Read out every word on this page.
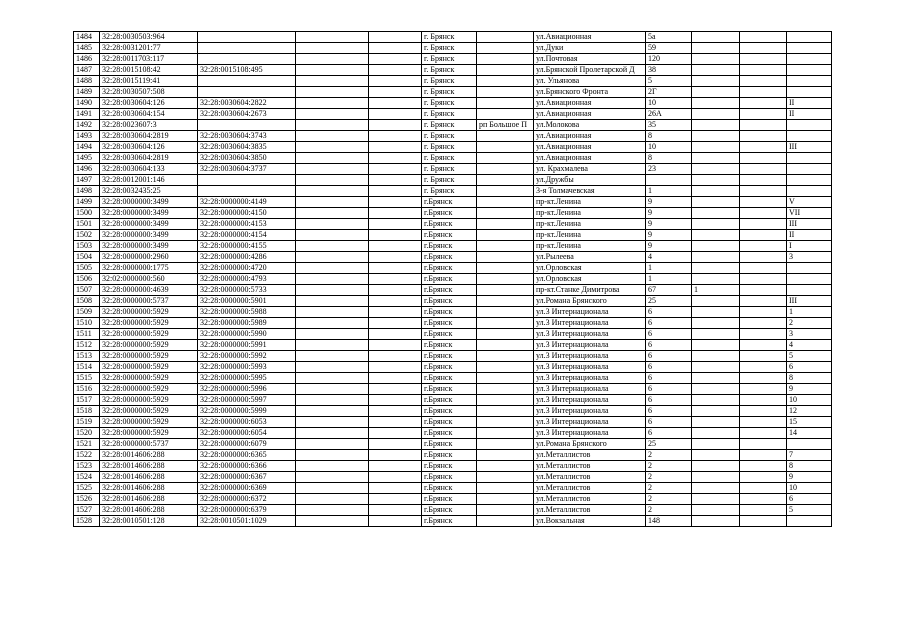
1484	32:28:0030503:964				г. Брянск		ул.Авиационная	5а			
1485	32:28:0031201:77				г. Брянск		ул.Дуки	59			
1486	32:28:0011703:117				г. Брянск		ул.Почтовая	120			
1487	32:28:0015108:42	32:28:0015108:495			г. Брянск		ул.Брянской Пролетарской Д	38			
1488	32:28:0015119:41				г. Брянск		ул. Ульянова	5			
1489	32:28:0030507:508				г. Брянск		ул.Брянского Фронта	2Г			
1490	32:28:0030604:126	32:28:0030604:2822			г. Брянск		ул.Авиационная	10			II
1491	32:28:0030604:154	32:28:0030604:2673			г. Брянск		ул.Авиационная	26А			II
1492	32:28:0023607:3				г. Брянск	рп Большое П	ул.Молокова	35			
1493	32:28:0030604:2819	32:28:0030604:3743			г. Брянск		ул.Авиационная	8			
1494	32:28:0030604:126	32:28:0030604:3835			г. Брянск		ул.Авиационная	10			III
1495	32:28:0030604:2819	32:28:0030604:3850			г. Брянск		ул.Авиационная	8			
1496	32:28:0030604:133	32:28:0030604:3737			г. Брянск		ул. Крахмалева	23			
1497	32:28:0012001:146				г. Брянск		ул.Дружбы				
1498	32:28:0032435:25				г. Брянск		3-я Толмачевская	1			
1499	32:28:0000000:3499	32:28:0000000:4149			г.Брянск		пр-кт.Ленина	9			V
1500	32:28:0000000:3499	32:28:0000000:4150			г.Брянск		пр-кт.Ленина	9			VII
1501	32:28:0000000:3499	32:28:0000000:4153			г.Брянск		пр-кт.Ленина	9			III
1502	32:28:0000000:3499	32:28:0000000:4154			г.Брянск		пр-кт.Ленина	9			II
1503	32:28:0000000:3499	32:28:0000000:4155			г.Брянск		пр-кт.Ленина	9			I
1504	32:28:0000000:2960	32:28:0000000:4286			г.Брянск		ул.Рылеева	4			3
1505	32:28:0000000:1775	32:28:0000000:4720			г.Брянск		ул.Орловская	1			
1506	32:02:0000000:560	32:28:0000000:4793			г.Брянск		ул.Орловская	1			
1507	32:28:0000000:4639	32:28:0000000:5733			г.Брянск		пр-кт.Станке Димитрова	67	1		
1508	32:28:0000000:5737	32:28:0000000:5901			г.Брянск		ул.Романа Брянского	25			III
1509	32:28:0000000:5929	32:28:0000000:5988			г.Брянск		ул.3 Интернационала	6			1
1510	32:28:0000000:5929	32:28:0000000:5989			г.Брянск		ул.3 Интернационала	6			2
1511	32:28:0000000:5929	32:28:0000000:5990			г.Брянск		ул.3 Интернационала	6			3
1512	32:28:0000000:5929	32:28:0000000:5991			г.Брянск		ул.3 Интернационала	6			4
1513	32:28:0000000:5929	32:28:0000000:5992			г.Брянск		ул.3 Интернационала	6			5
1514	32:28:0000000:5929	32:28:0000000:5993			г.Брянск		ул.3 Интернационала	6			6
1515	32:28:0000000:5929	32:28:0000000:5995			г.Брянск		ул.3 Интернационала	6			8
1516	32:28:0000000:5929	32:28:0000000:5996			г.Брянск		ул.3 Интернационала	6			9
1517	32:28:0000000:5929	32:28:0000000:5997			г.Брянск		ул.3 Интернационала	6			10
1518	32:28:0000000:5929	32:28:0000000:5999			г.Брянск		ул.3 Интернационала	6			12
1519	32:28:0000000:5929	32:28:0000000:6053			г.Брянск		ул.3 Интернационала	6			15
1520	32:28:0000000:5929	32:28:0000000:6054			г.Брянск		ул.3 Интернационала	6			14
1521	32:28:0000000:5737	32:28:0000000:6079			г.Брянск		ул.Романа Брянского	25			
1522	32:28:0014606:288	32:28:0000000:6365			г.Брянск		ул.Металлистов	2			7
1523	32:28:0014606:288	32:28:0000000:6366			г.Брянск		ул.Металлистов	2			8
1524	32:28:0014606:288	32:28:0000000:6367			г.Брянск		ул.Металлистов	2			9
1525	32:28:0014606:288	32:28:0000000:6369			г.Брянск		ул.Металлистов	2			10
1526	32:28:0014606:288	32:28:0000000:6372			г.Брянск		ул.Металлистов	2			6
1527	32:28:0014606:288	32:28:0000000:6379			г.Брянск		ул.Металлистов	2			5
1528	32:28:0010501:128	32:28:0010501:1029			г.Брянск		ул.Вокзальная	148			
